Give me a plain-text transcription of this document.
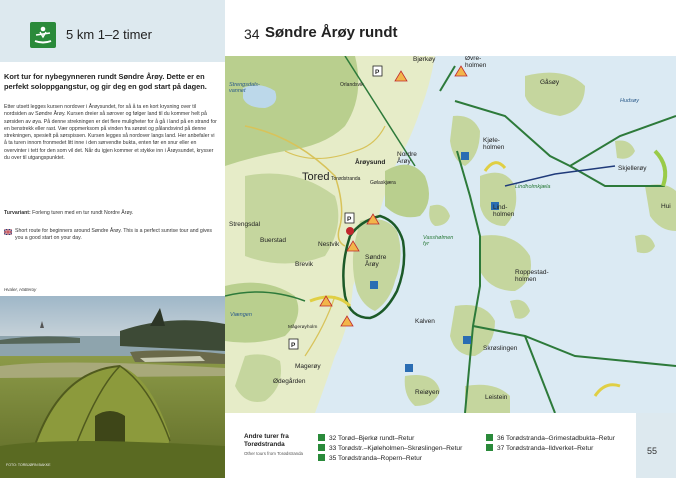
5 km 1–2 timer
Kort tur for nybegynneren rundt Søndre Årøy. Dette er en perfekt soloppgangstur, og gir deg en god start på dagen.
Etter utsett legges kursen nordover i Årøysundet, for så å ta en kort krysning over til nordsiden av Søndre Årøy. Kursen dreier så sørover og følger land til du kommer helt på sørsiden av øya. På denne strekningen er det flere muligheter for å gå i land på en strand for en benstrekk eller rast. Vær oppmerksom på vinden fra sørøst og pålandsvind på denne strekningen, spesielt på sørspissen. Kursen legges så nordover langs land. Her anbefaler vi å ta turen innom fronmedet litt inne i den sørvendte bukta, enten før en snur eller en overvinter i tett for den som vil det. Når du igjen kommer et stykke inn i Årøysundet, krysser du over til utgangspunktet.
Turvariant: Forleng turen med en tur rundt Nordre Årøy.
Short route for beginners around Søndre Årøy. This is a perfect sunrise tour and gives you a good start on your day.
Hvaler, Hatteroy
FOTO: TORBJØRN BAKKE
34 Søndre Årøy rundt
P
P
P
Bjørkøy	Øvre-holmen
Gåsøy
Hudsøy
Kjøle-holmen
Skjellerøy
Lindholmkjæla
Lind-holmen
Hui
Roppestad-holmen
Skrøslingen
Leistein
Kalven
Reiøyen
Tored
Strengsdal
Strengsdals-vannet
Buerstad
Brevik
Nestvik
Årøysund
Nordre Årøy
Søndre Årøy
Vasshølmen fyr
Magerøy
Ødegården
Viængen
Mågerøyholm
Gølaskjæra
Torødstranda
Orlandsvik
Andre turer fra Torødstranda
Other tours from Torødstranda
32 Torød–Bjerkø rundt–Retur
33 Torødstr.–Kjøleholmen–Skrøslingen–Retur
35 Torødstranda–Ropern–Retur
36 Torødstranda–Grimestadbukta–Retur
37 Torødstranda–Ildverket–Retur	55
